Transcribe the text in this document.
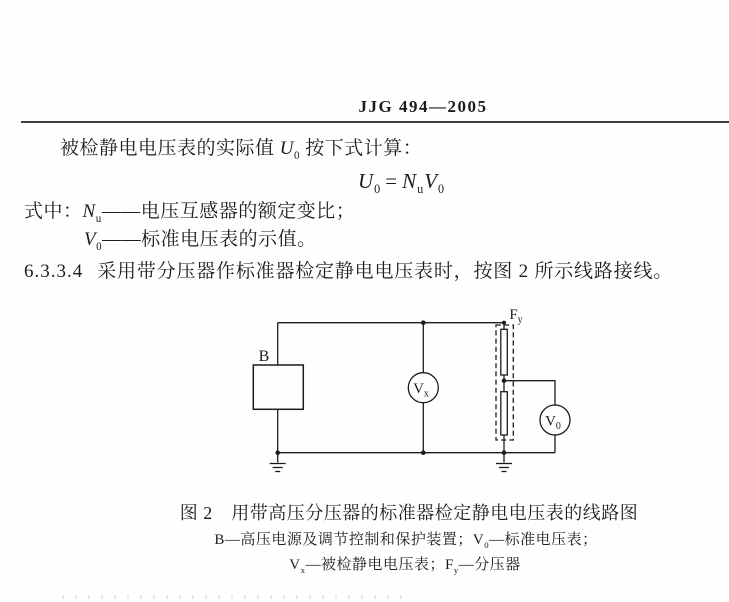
JJG 494—2005
被检静电电压表的实际值 $U_0$ 按下式计算：
$U_0 = N_uV_0$
式中：$N_u——$电压互感器的额定变比；
$V_0——$标准电压表的示值。
6.3.3.4 采用带分压器作标准器检定静电电压表时，按图 2 所示线路接线。
B
$F_y$
$V_x$
$V_0$
图 2　用带高压分压器的标准器检定静电电压表的线路图
B—高压电源及调节控制和保护装置；$V_0—$标准电压表；
$V_x—$被检静电电压表；$F_y—$分压器
